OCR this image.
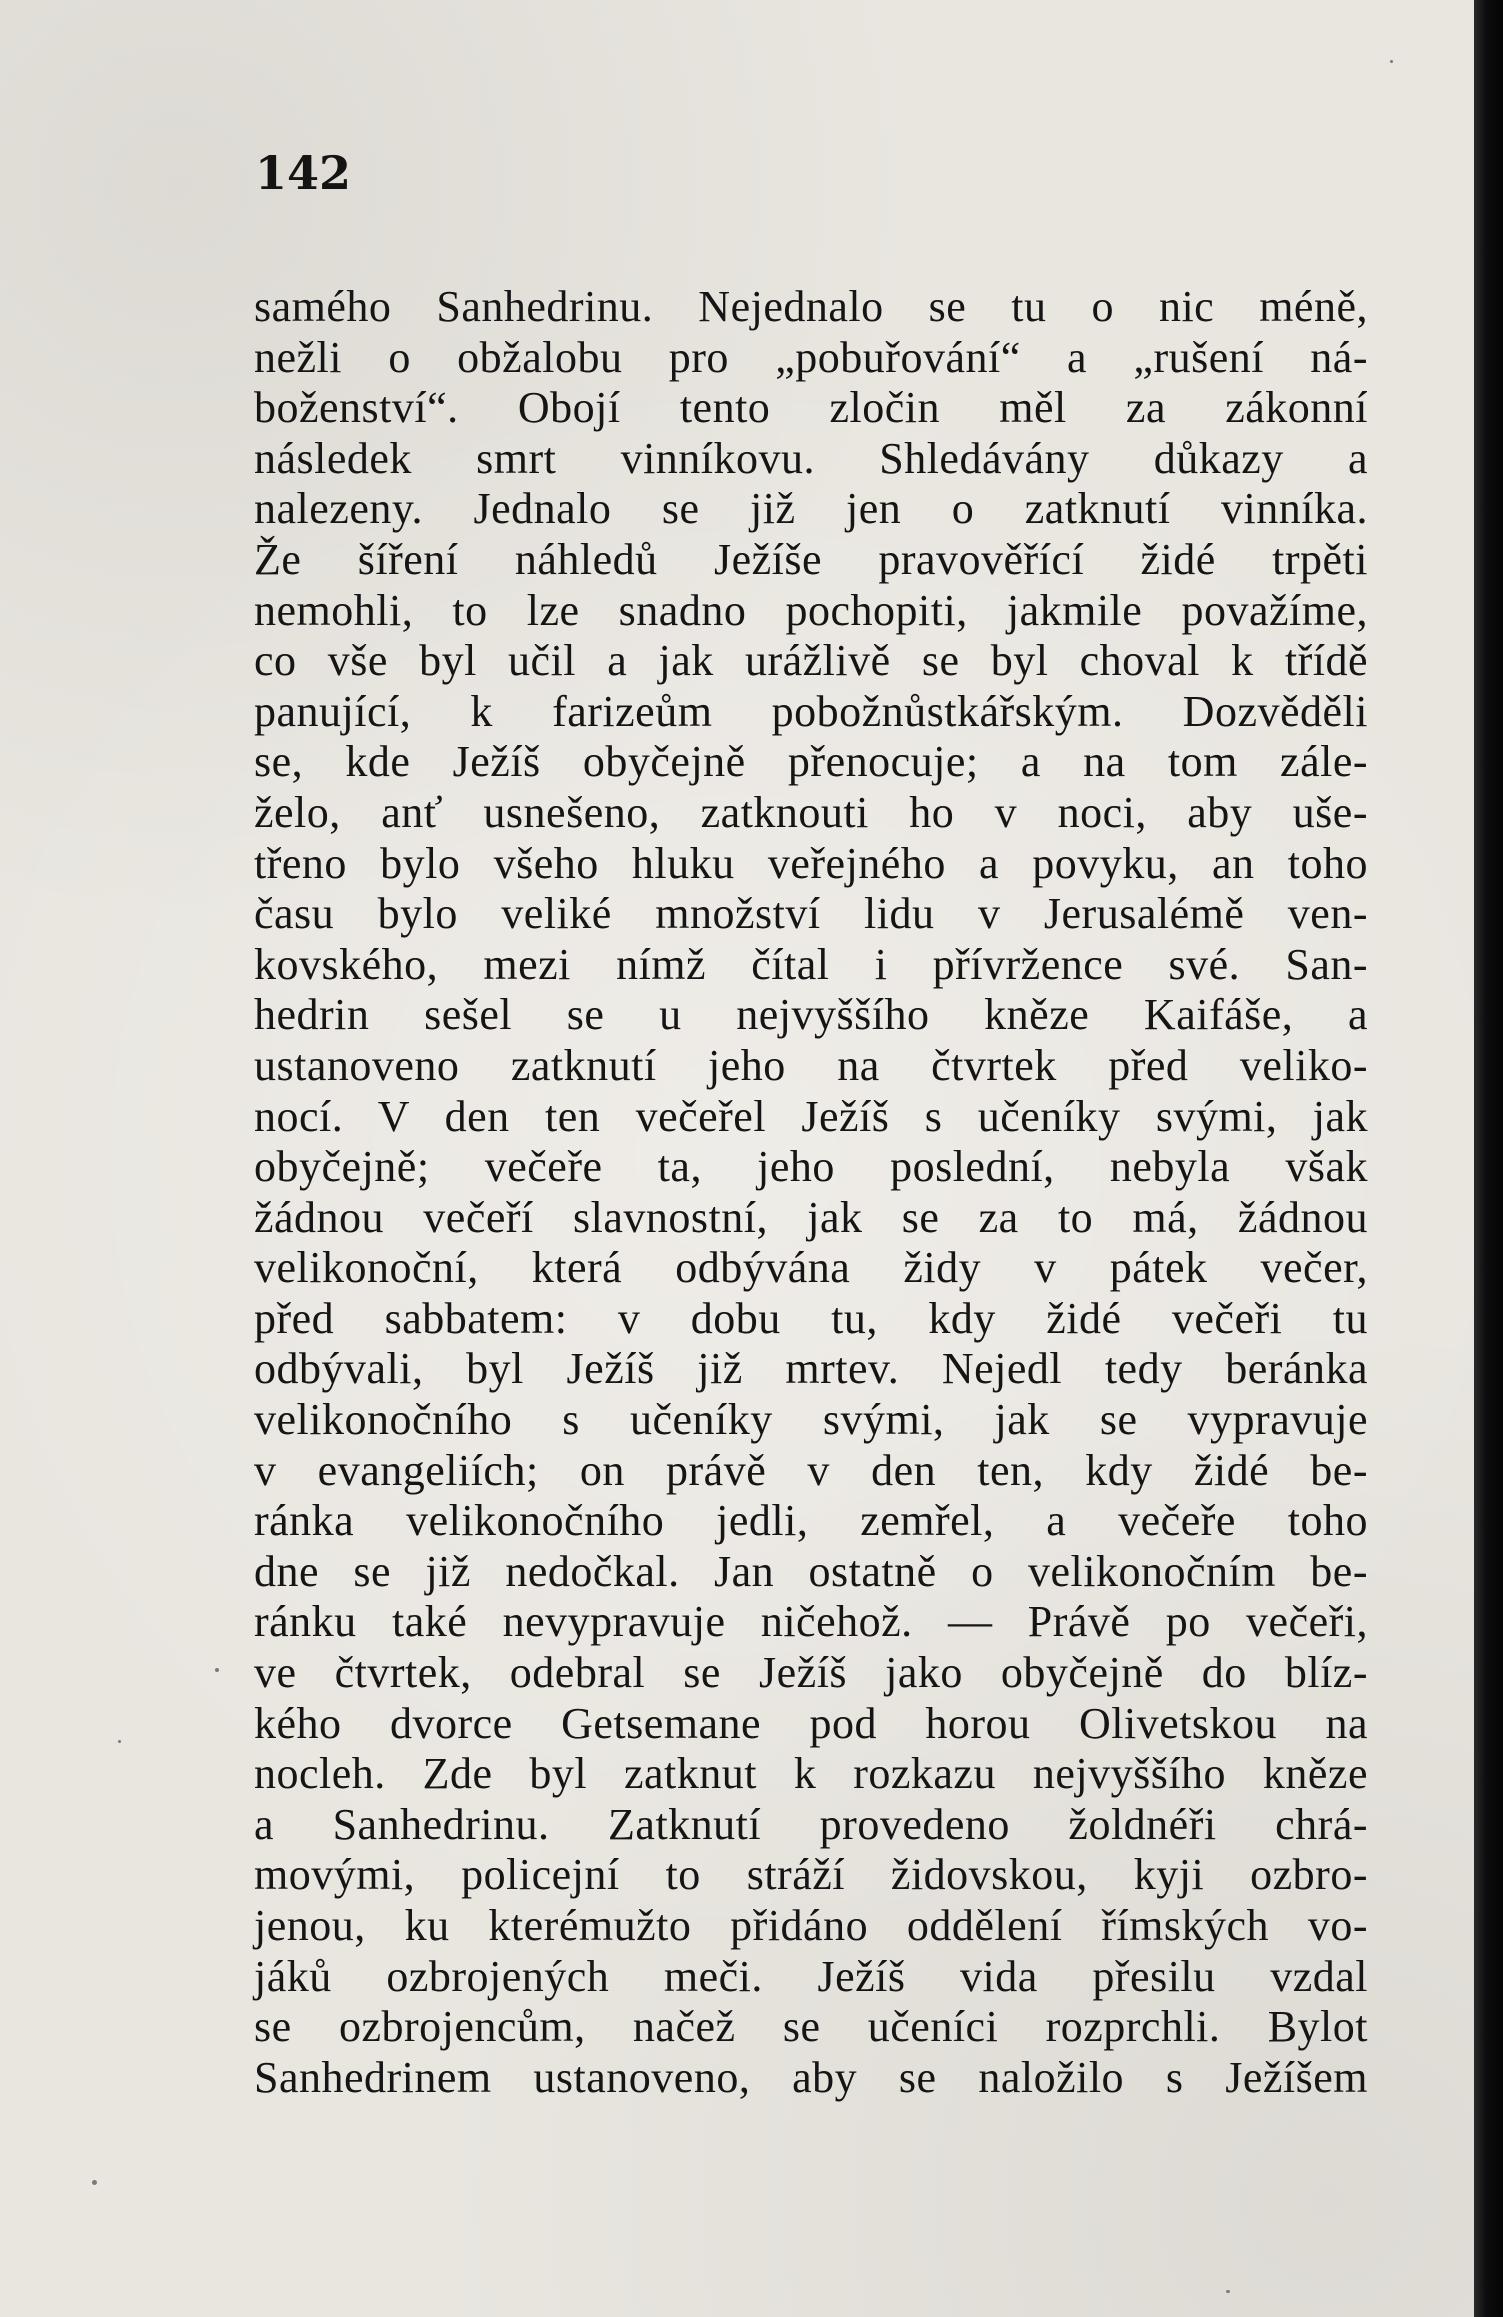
142
samého Sanhedrinu. Nejednalo se tu o nic méně,
nežli o obžalobu pro „pobuřování“ a „rušení ná-
boženství“. Obojí tento zločin měl za zákonní
následek smrt vinníkovu. Shledávány důkazy a
nalezeny. Jednalo se již jen o zatknutí vinníka.
Že šíření náhledů Ježíše pravověřící židé trpěti
nemohli, to lze snadno pochopiti, jakmile považíme,
co vše byl učil a jak urážlivě se byl choval k třídě
panující, k farizeům pobožnůstkářským. Dozvěděli
se, kde Ježíš obyčejně přenocuje; a na tom zále-
želo, anť usnešeno, zatknouti ho v noci, aby uše-
třeno bylo všeho hluku veřejného a povyku, an toho
času bylo veliké množství lidu v Jerusalémě ven-
kovského, mezi nímž čítal i přívržence své. San-
hedrin sešel se u nejvyššího kněze Kaifáše, a
ustanoveno zatknutí jeho na čtvrtek před veliko-
nocí. V den ten večeřel Ježíš s učeníky svými, jak
obyčejně; večeře ta, jeho poslední, nebyla však
žádnou večeří slavnostní, jak se za to má, žádnou
velikonoční, která odbývána židy v pátek večer,
před sabbatem: v dobu tu, kdy židé večeři tu
odbývali, byl Ježíš již mrtev. Nejedl tedy beránka
velikonočního s učeníky svými, jak se vypravuje
v evangeliích; on právě v den ten, kdy židé be-
ránka velikonočního jedli, zemřel, a večeře toho
dne se již nedočkal. Jan ostatně o velikonočním be-
ránku také nevypravuje ničehož. — Právě po večeři,
ve čtvrtek, odebral se Ježíš jako obyčejně do blíz-
kého dvorce Getsemane pod horou Olivetskou na
nocleh. Zde byl zatknut k rozkazu nejvyššího kněze
a Sanhedrinu. Zatknutí provedeno žoldnéři chrá-
movými, policejní to stráží židovskou, kyji ozbro-
jenou, ku kterémužto přidáno oddělení římských vo-
jáků ozbrojených meči. Ježíš vida přesilu vzdal
se ozbrojencům, načež se učeníci rozprchli. Bylot
Sanhedrinem ustanoveno, aby se naložilo s Ježíšem
